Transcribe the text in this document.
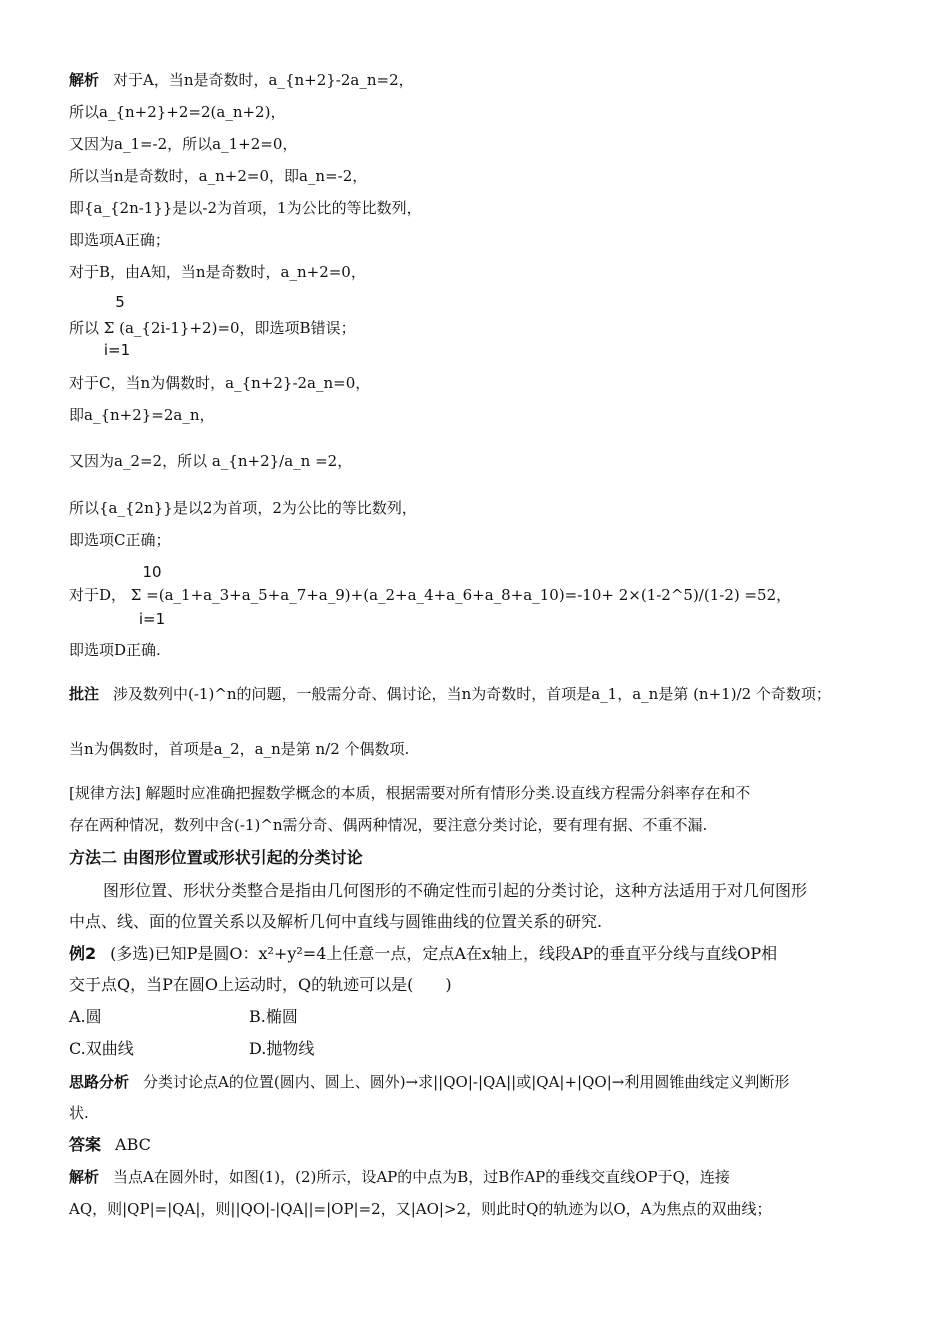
解析 对于A，当n是奇数时，a_{n+2}-2a_n=2，
所以a_{n+2}+2=2(a_n+2)，
又因为a_1=-2，所以a_1+2=0，
所以当n是奇数时，a_n+2=0，即a_n=-2，
即{a_{2n-1}}是以-2为首项，1为公比的等比数列，
即选项A正确；
对于B，由A知，当n是奇数时，a_n+2=0，
5
所以 Σ (a_{2i-1}+2)=0，即选项B错误；
i=1
对于C，当n为偶数时，a_{n+2}-2a_n=0，
即a_{n+2}=2a_n，
又因为a_2=2，所以 a_{n+2}/a_n =2，
所以{a_{2n}}是以2为首项，2为公比的等比数列，
即选项C正确；
10
对于D， Σ =(a_1+a_3+a_5+a_7+a_9)+(a_2+a_4+a_6+a_8+a_10)=-10+ 2×(1-2^5)/(1-2) =52，
i=1
即选项D正确.
批注 涉及数列中(-1)^n的问题，一般需分奇、偶讨论，当n为奇数时，首项是a_1，a_n是第 (n+1)/2 个奇数项；
当n为偶数时，首项是a_2，a_n是第 n/2 个偶数项.
[规律方法] 解题时应准确把握数学概念的本质，根据需要对所有情形分类.设直线方程需分斜率存在和不
存在两种情况，数列中含(-1)^n需分奇、偶两种情况，要注意分类讨论，要有理有据、不重不漏.
方法二 由图形位置或形状引起的分类讨论
图形位置、形状分类整合是指由几何图形的不确定性而引起的分类讨论，这种方法适用于对几何图形
中点、线、面的位置关系以及解析几何中直线与圆锥曲线的位置关系的研究.
例2 (多选)已知P是圆O：x²+y²=4上任意一点，定点A在x轴上，线段AP的垂直平分线与直线OP相
交于点Q，当P在圆O上运动时，Q的轨迹可以是(　　)
A.圆	B.椭圆
C.双曲线	D.抛物线
思路分析 分类讨论点A的位置(圆内、圆上、圆外)→求||QO|-|QA||或|QA|+|QO|→利用圆锥曲线定义判断形
状.
答案 ABC
解析 当点A在圆外时，如图(1)，(2)所示，设AP的中点为B，过B作AP的垂线交直线OP于Q，连接
AQ，则|QP|=|QA|，则||QO|-|QA||=|OP|=2，又|AO|>2，则此时Q的轨迹为以O，A为焦点的双曲线；
